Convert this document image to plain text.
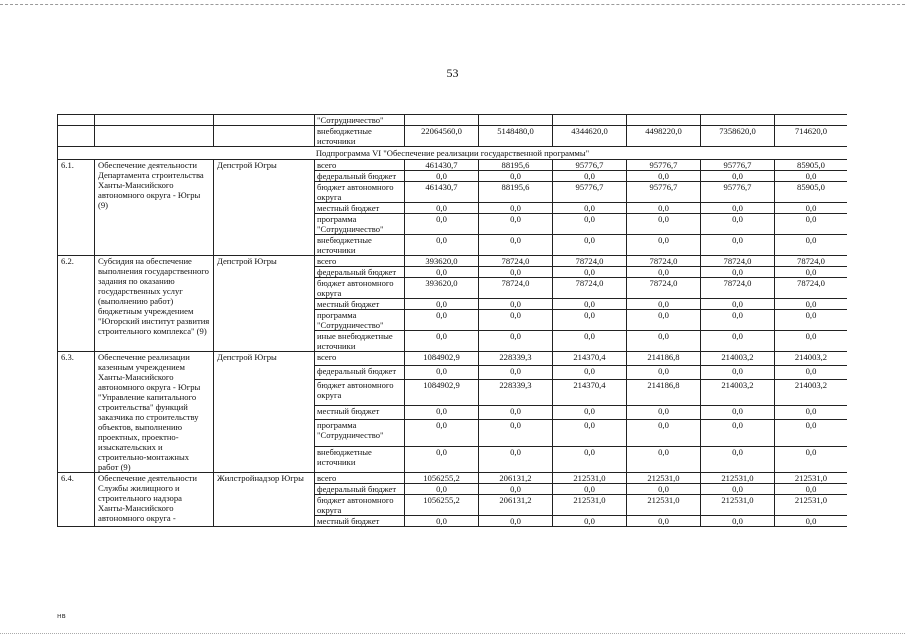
53
			"Сотрудничество"						
			внебюджетные источники	22064560,0	5148480,0	4344620,0	4498220,0	7358620,0	714620,0
Подпрограмма VI "Обеспечение реализации государственной программы"									
6.1.	Обеспечение деятельности Департамента строительства Ханты-Мансийского автономного округа - Югры (9)	Депстрой Югры	всего	461430,7	88195,6	95776,7	95776,7	95776,7	85905,0
			федеральный бюджет	0,0	0,0	0,0	0,0	0,0	0,0
			бюджет автономного округа	461430,7	88195,6	95776,7	95776,7	95776,7	85905,0
			местный бюджет	0,0	0,0	0,0	0,0	0,0	0,0
			программа "Сотрудничество"	0,0	0,0	0,0	0,0	0,0	0,0
			внебюджетные источники	0,0	0,0	0,0	0,0	0,0	0,0
6.2.	Субсидия на обеспечение выполнения государственного задания по оказанию государственных услуг (выполнению работ) бюджетным учреждением "Югорский институт развития строительного комплекса" (9)	Депстрой Югры	всего	393620,0	78724,0	78724,0	78724,0	78724,0	78724,0
			федеральный бюджет	0,0	0,0	0,0	0,0	0,0	0,0
			бюджет автономного округа	393620,0	78724,0	78724,0	78724,0	78724,0	78724,0
			местный бюджет	0,0	0,0	0,0	0,0	0,0	0,0
			программа "Сотрудничество"	0,0	0,0	0,0	0,0	0,0	0,0
			иные внебюджетные источники	0,0	0,0	0,0	0,0	0,0	0,0
6.3.	Обеспечение реализации казенным учреждением Ханты-Мансийского автономного округа - Югры "Управление капитального строительства" функций заказчика по строительству объектов, выполнению проектных, проектно-изыскательских и строительно-монтажных работ (9)	Депстрой Югры	всего	1084902,9	228339,3	214370,4	214186,8	214003,2	214003,2
			федеральный бюджет	0,0	0,0	0,0	0,0	0,0	0,0
			бюджет автономного округа	1084902,9	228339,3	214370,4	214186,8	214003,2	214003,2
			местный бюджет	0,0	0,0	0,0	0,0	0,0	0,0
			программа "Сотрудничество"	0,0	0,0	0,0	0,0	0,0	0,0
			внебюджетные источники	0,0	0,0	0,0	0,0	0,0	0,0
6.4.	Обеспечение деятельности Службы жилищного и строительного надзора Ханты-Мансийского автономного округа -	Жилстройнадзор Югры	всего	1056255,2	206131,2	212531,0	212531,0	212531,0	212531,0
			федеральный бюджет	0,0	0,0	0,0	0,0	0,0	0,0
			бюджет автономного округа	1056255,2	206131,2	212531,0	212531,0	212531,0	212531,0
			местный бюджет	0,0	0,0	0,0	0,0	0,0	0,0
нв
